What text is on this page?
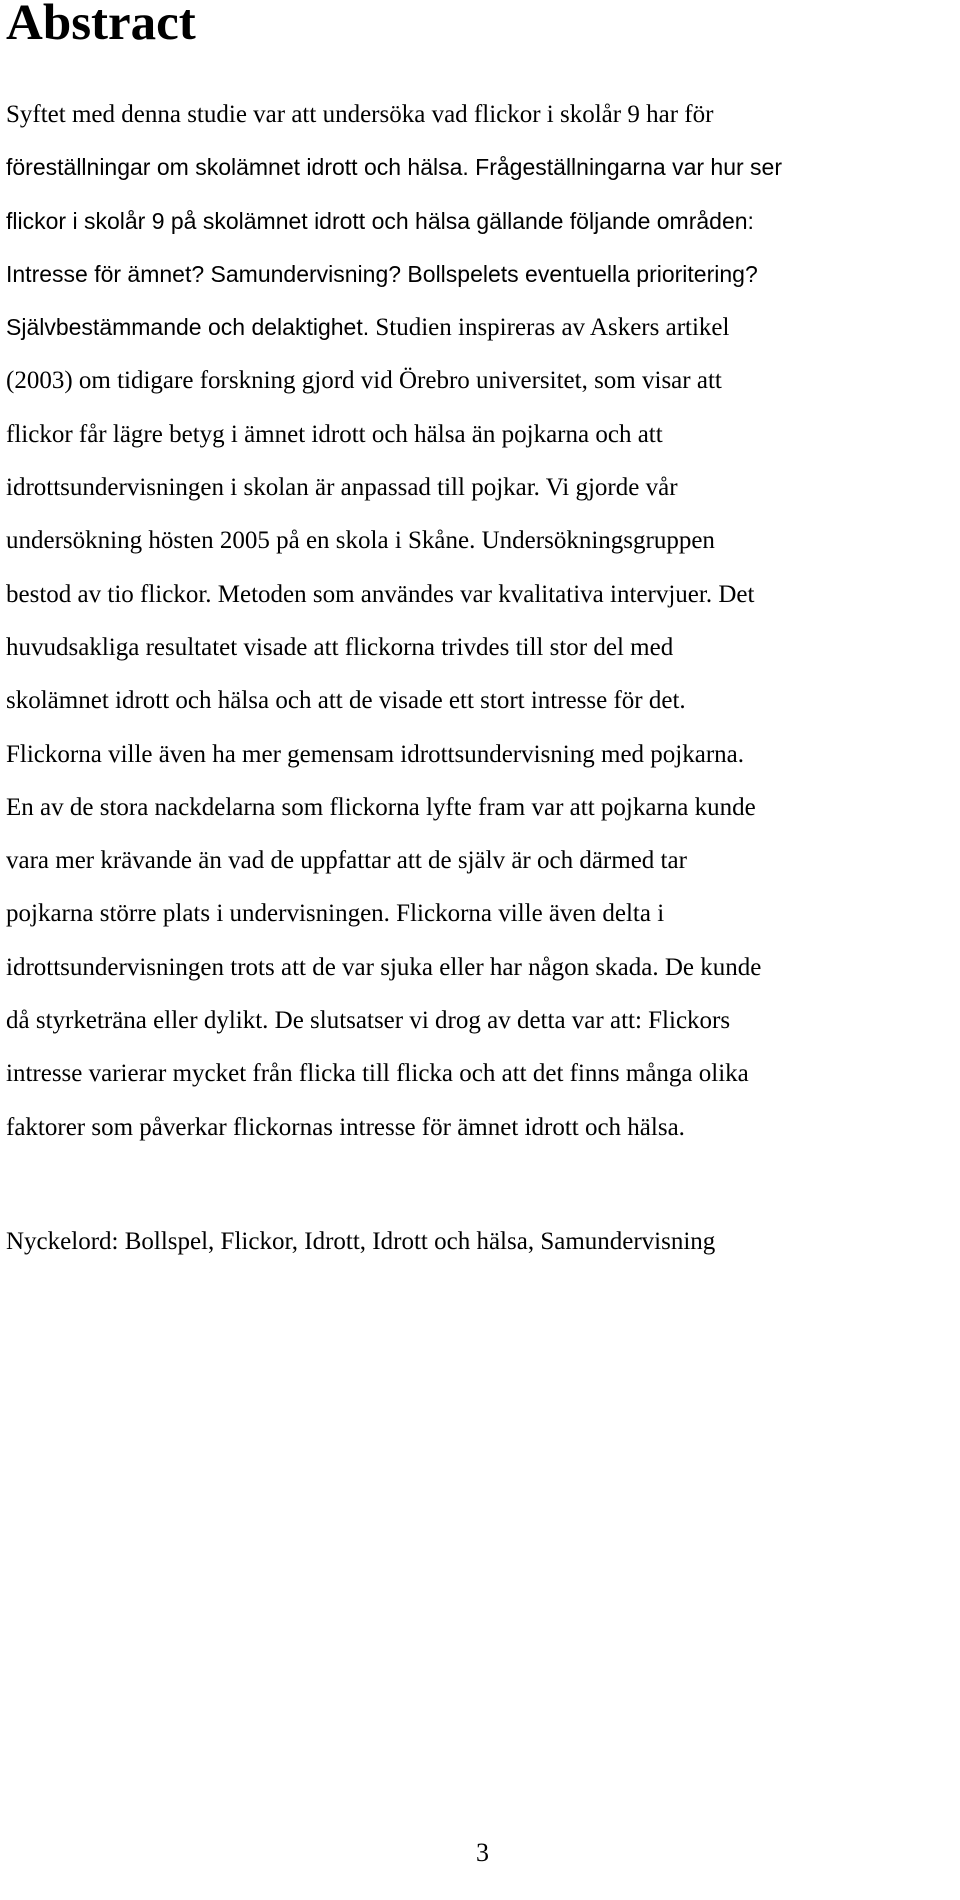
Abstract
Syftet med denna studie var att undersöka vad flickor i skolår 9 har för
föreställningar om skolämnet idrott och hälsa. Frågeställningarna var hur ser
flickor i skolår 9 på skolämnet idrott och hälsa gällande följande områden:
Intresse för ämnet? Samundervisning? Bollspelets eventuella prioritering?
Självbestämmande och delaktighet. Studien inspireras av Askers artikel
(2003) om tidigare forskning gjord vid Örebro universitet, som visar att
flickor får lägre betyg i ämnet idrott och hälsa än pojkarna och att
idrottsundervisningen i skolan är anpassad till pojkar. Vi gjorde vår
undersökning hösten 2005 på en skola i Skåne. Undersökningsgruppen
bestod av tio flickor. Metoden som användes var kvalitativa intervjuer. Det
huvudsakliga resultatet visade att flickorna trivdes till stor del med
skolämnet idrott och hälsa och att de visade ett stort intresse för det.
Flickorna ville även ha mer gemensam idrottsundervisning med pojkarna.
En av de stora nackdelarna som flickorna lyfte fram var att pojkarna kunde
vara mer krävande än vad de uppfattar att de själv är och därmed tar
pojkarna större plats i undervisningen. Flickorna ville även delta i
idrottsundervisningen trots att de var sjuka eller har någon skada. De kunde
då styrketräna eller dylikt. De slutsatser vi drog av detta var att: Flickors
intresse varierar mycket från flicka till flicka och att det finns många olika
faktorer som påverkar flickornas intresse för ämnet idrott och hälsa.

Nyckelord: Bollspel, Flickor, Idrott, Idrott och hälsa, Samundervisning

3
